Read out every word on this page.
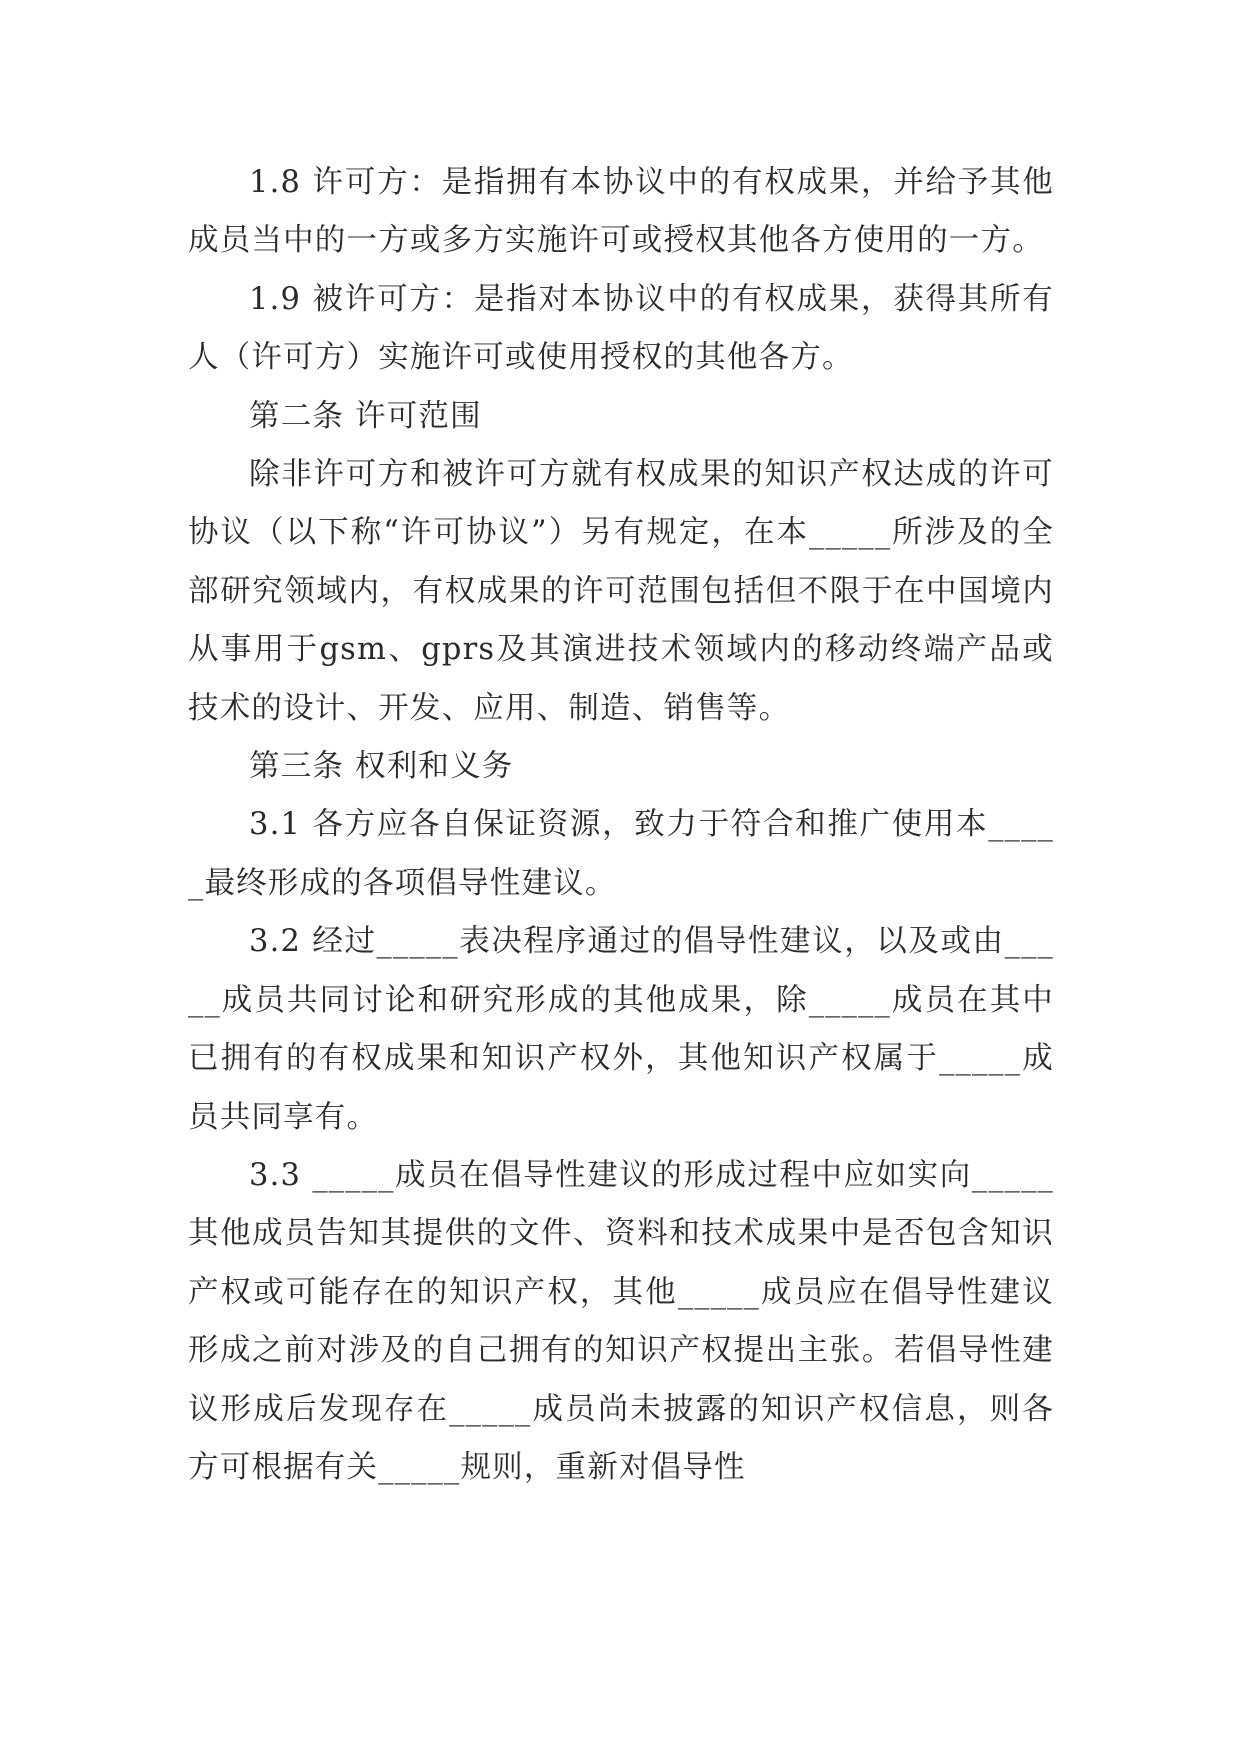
1.8 许可方：是指拥有本协议中的有权成果，并给予其他成员当中的一方或多方实施许可或授权其他各方使用的一方。

1.9 被许可方：是指对本协议中的有权成果，获得其所有人（许可方）实施许可或使用授权的其他各方。

第二条 许可范围

除非许可方和被许可方就有权成果的知识产权达成的许可协议（以下称“许可协议”）另有规定，在本_____所涉及的全部研究领域内，有权成果的许可范围包括但不限于在中国境内从事用于gsm、gprs及其演进技术领域内的移动终端产品或技术的设计、开发、应用、制造、销售等。

第三条 权利和义务

3.1 各方应各自保证资源，致力于符合和推广使用本_____最终形成的各项倡导性建议。

3.2 经过_____表决程序通过的倡导性建议，以及或由_____成员共同讨论和研究形成的其他成果，除_____成员在其中已拥有的有权成果和知识产权外，其他知识产权属于_____成员共同享有。

3.3 _____成员在倡导性建议的形成过程中应如实向_____其他成员告知其提供的文件、资料和技术成果中是否包含知识产权或可能存在的知识产权，其他_____成员应在倡导性建议形成之前对涉及的自己拥有的知识产权提出主张。若倡导性建议形成后发现存在_____成员尚未披露的知识产权信息，则各方可根据有关_____规则，重新对倡导性
